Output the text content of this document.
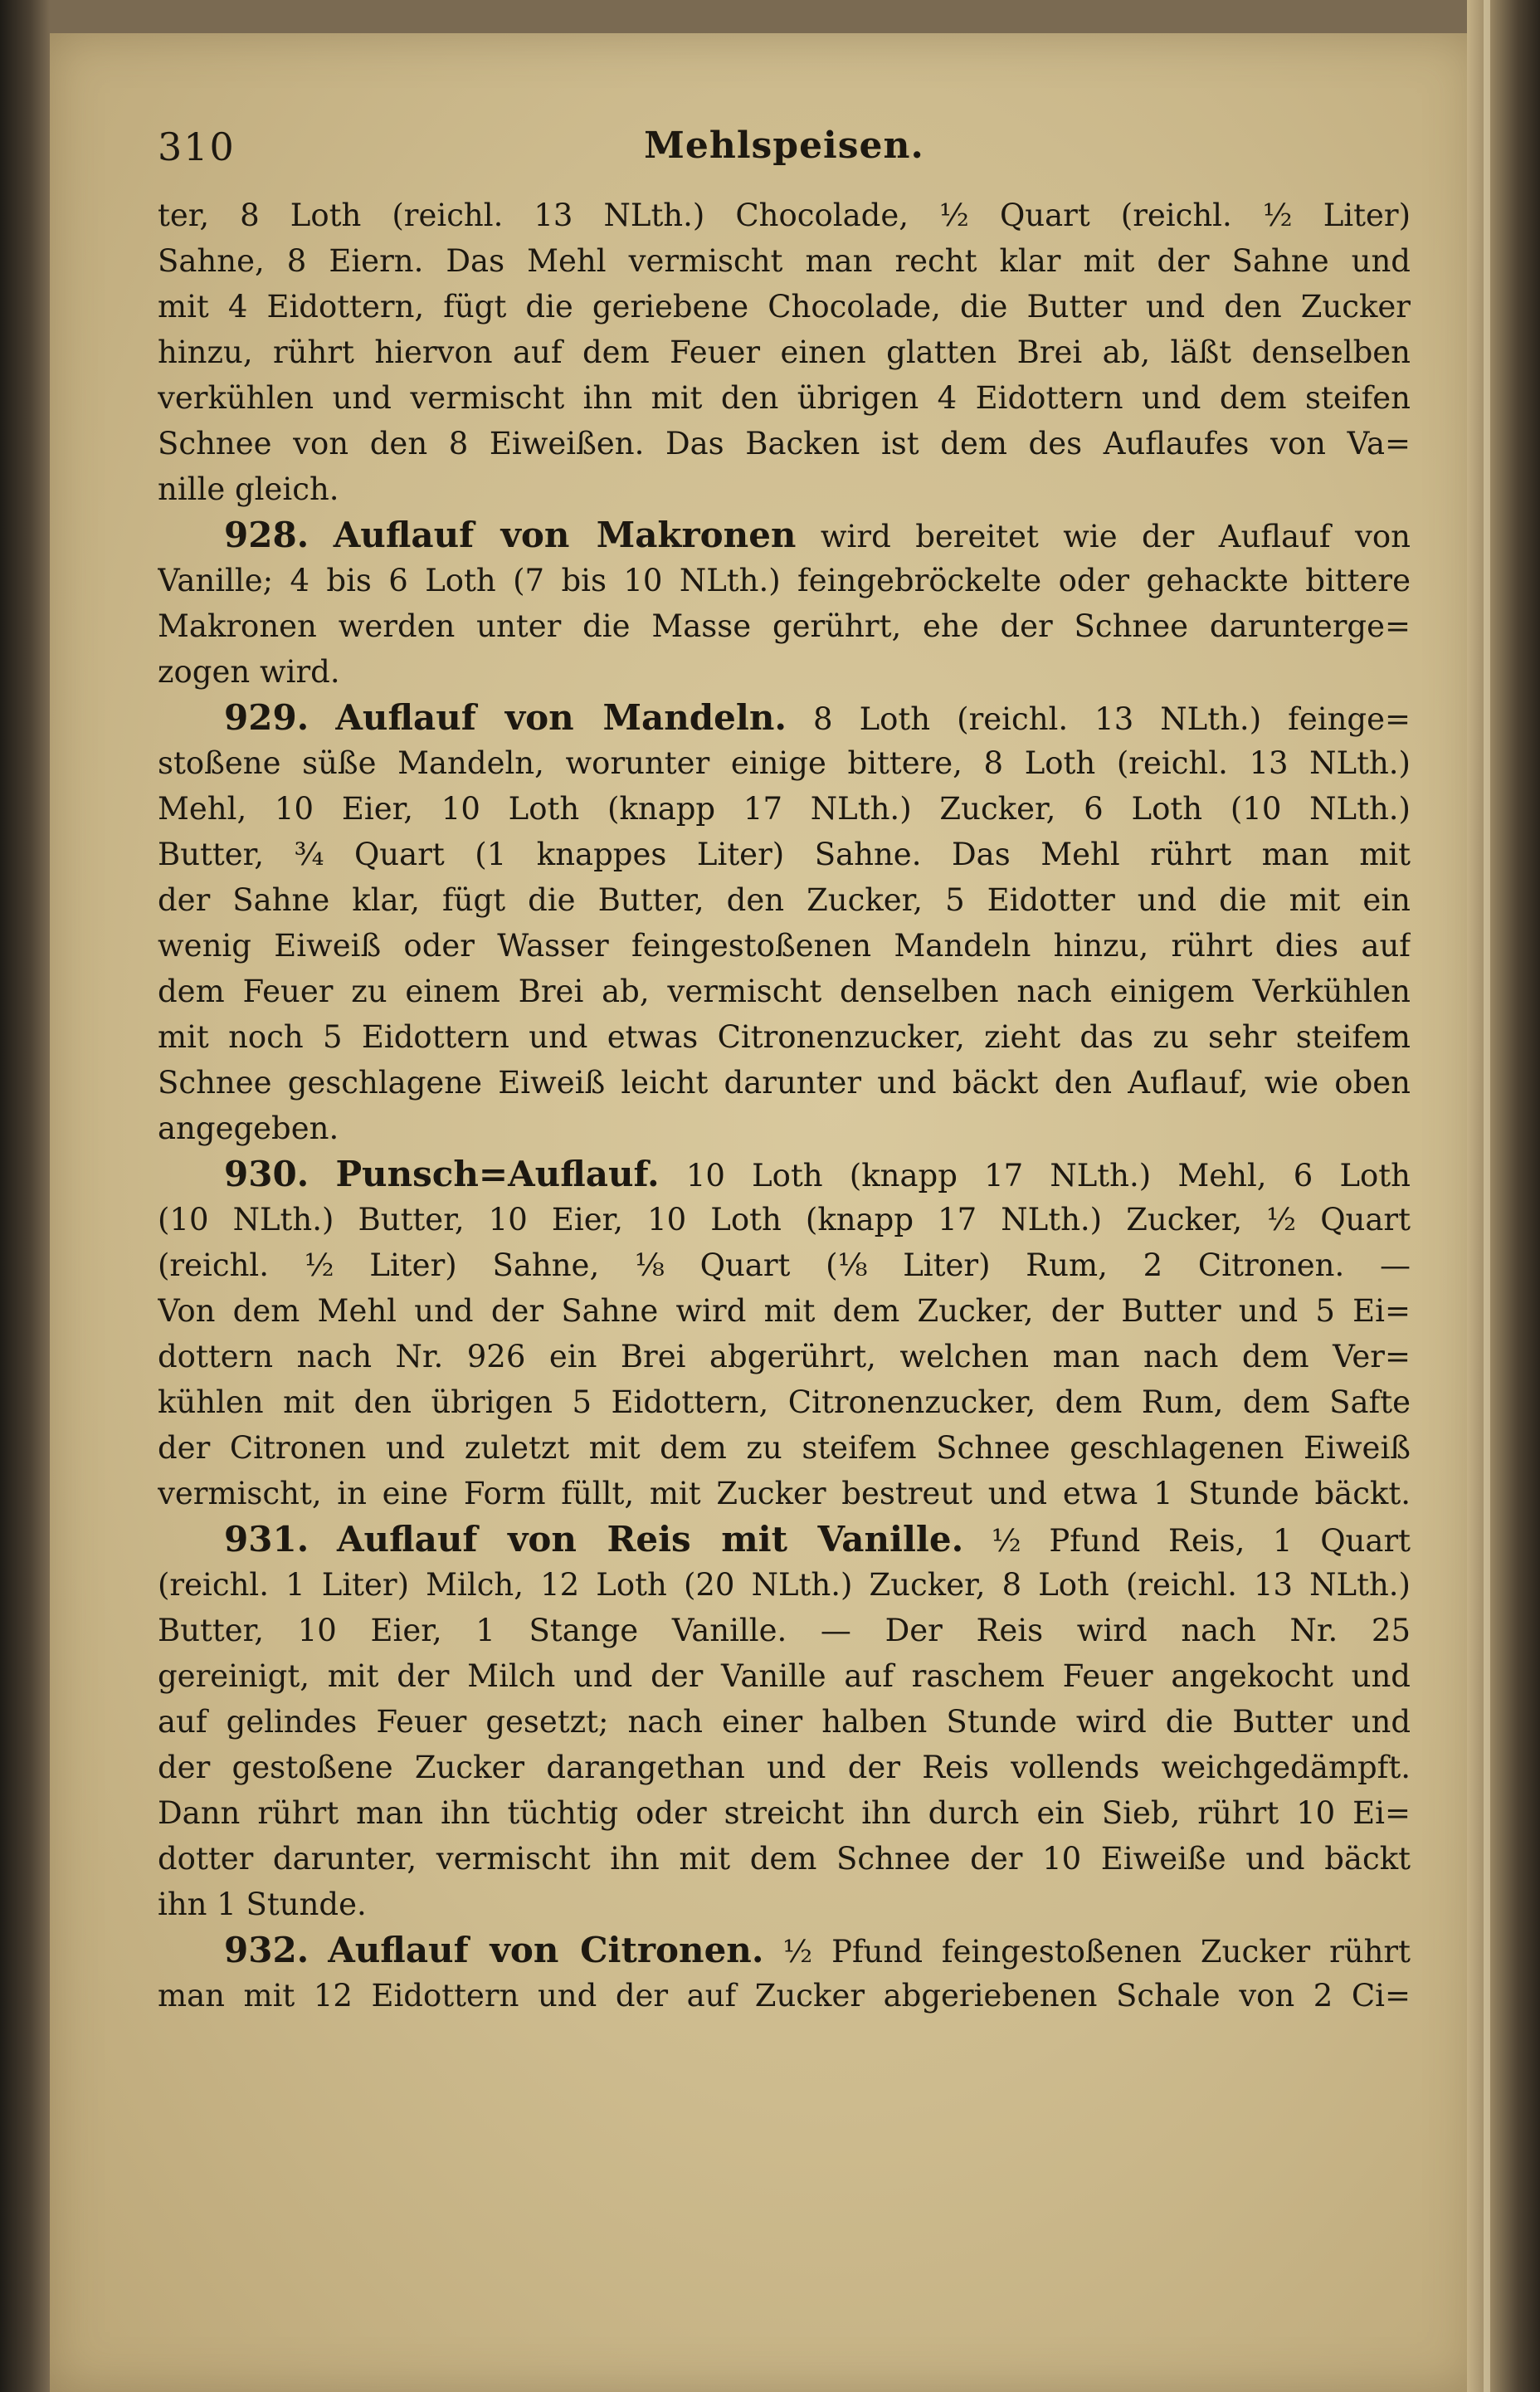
310	Mehlspeisen.
ter, 8 Loth (reichl. 13 NLth.) Chocolade, ½ Quart (reichl. ½ Liter)
Sahne, 8 Eiern. Das Mehl vermischt man recht klar mit der Sahne und
mit 4 Eidottern, fügt die geriebene Chocolade, die Butter und den Zucker
hinzu, rührt hiervon auf dem Feuer einen glatten Brei ab, läßt denselben
verkühlen und vermischt ihn mit den übrigen 4 Eidottern und dem steifen
Schnee von den 8 Eiweißen. Das Backen ist dem des Auflaufes von Va=
nille gleich.
928. Auflauf von Makronen wird bereitet wie der Auflauf von
Vanille; 4 bis 6 Loth (7 bis 10 NLth.) feingebröckelte oder gehackte bittere
Makronen werden unter die Masse gerührt, ehe der Schnee darunterge=
zogen wird.
929. Auflauf von Mandeln. 8 Loth (reichl. 13 NLth.) feinge=
stoßene süße Mandeln, worunter einige bittere, 8 Loth (reichl. 13 NLth.)
Mehl, 10 Eier, 10 Loth (knapp 17 NLth.) Zucker, 6 Loth (10 NLth.)
Butter, ¾ Quart (1 knappes Liter) Sahne. Das Mehl rührt man mit
der Sahne klar, fügt die Butter, den Zucker, 5 Eidotter und die mit ein
wenig Eiweiß oder Wasser feingestoßenen Mandeln hinzu, rührt dies auf
dem Feuer zu einem Brei ab, vermischt denselben nach einigem Verkühlen
mit noch 5 Eidottern und etwas Citronenzucker, zieht das zu sehr steifem
Schnee geschlagene Eiweiß leicht darunter und bäckt den Auflauf, wie oben
angegeben.
930. Punsch=Auflauf. 10 Loth (knapp 17 NLth.) Mehl, 6 Loth
(10 NLth.) Butter, 10 Eier, 10 Loth (knapp 17 NLth.) Zucker, ½ Quart
(reichl. ½ Liter) Sahne, ⅛ Quart (⅛ Liter) Rum, 2 Citronen. —
Von dem Mehl und der Sahne wird mit dem Zucker, der Butter und 5 Ei=
dottern nach Nr. 926 ein Brei abgerührt, welchen man nach dem Ver=
kühlen mit den übrigen 5 Eidottern, Citronenzucker, dem Rum, dem Safte
der Citronen und zuletzt mit dem zu steifem Schnee geschlagenen Eiweiß
vermischt, in eine Form füllt, mit Zucker bestreut und etwa 1 Stunde bäckt.
931. Auflauf von Reis mit Vanille. ½ Pfund Reis, 1 Quart
(reichl. 1 Liter) Milch, 12 Loth (20 NLth.) Zucker, 8 Loth (reichl. 13 NLth.)
Butter, 10 Eier, 1 Stange Vanille. — Der Reis wird nach Nr. 25
gereinigt, mit der Milch und der Vanille auf raschem Feuer angekocht und
auf gelindes Feuer gesetzt; nach einer halben Stunde wird die Butter und
der gestoßene Zucker darangethan und der Reis vollends weichgedämpft.
Dann rührt man ihn tüchtig oder streicht ihn durch ein Sieb, rührt 10 Ei=
dotter darunter, vermischt ihn mit dem Schnee der 10 Eiweiße und bäckt
ihn 1 Stunde.
932. Auflauf von Citronen. ½ Pfund feingestoßenen Zucker rührt
man mit 12 Eidottern und der auf Zucker abgeriebenen Schale von 2 Ci=
